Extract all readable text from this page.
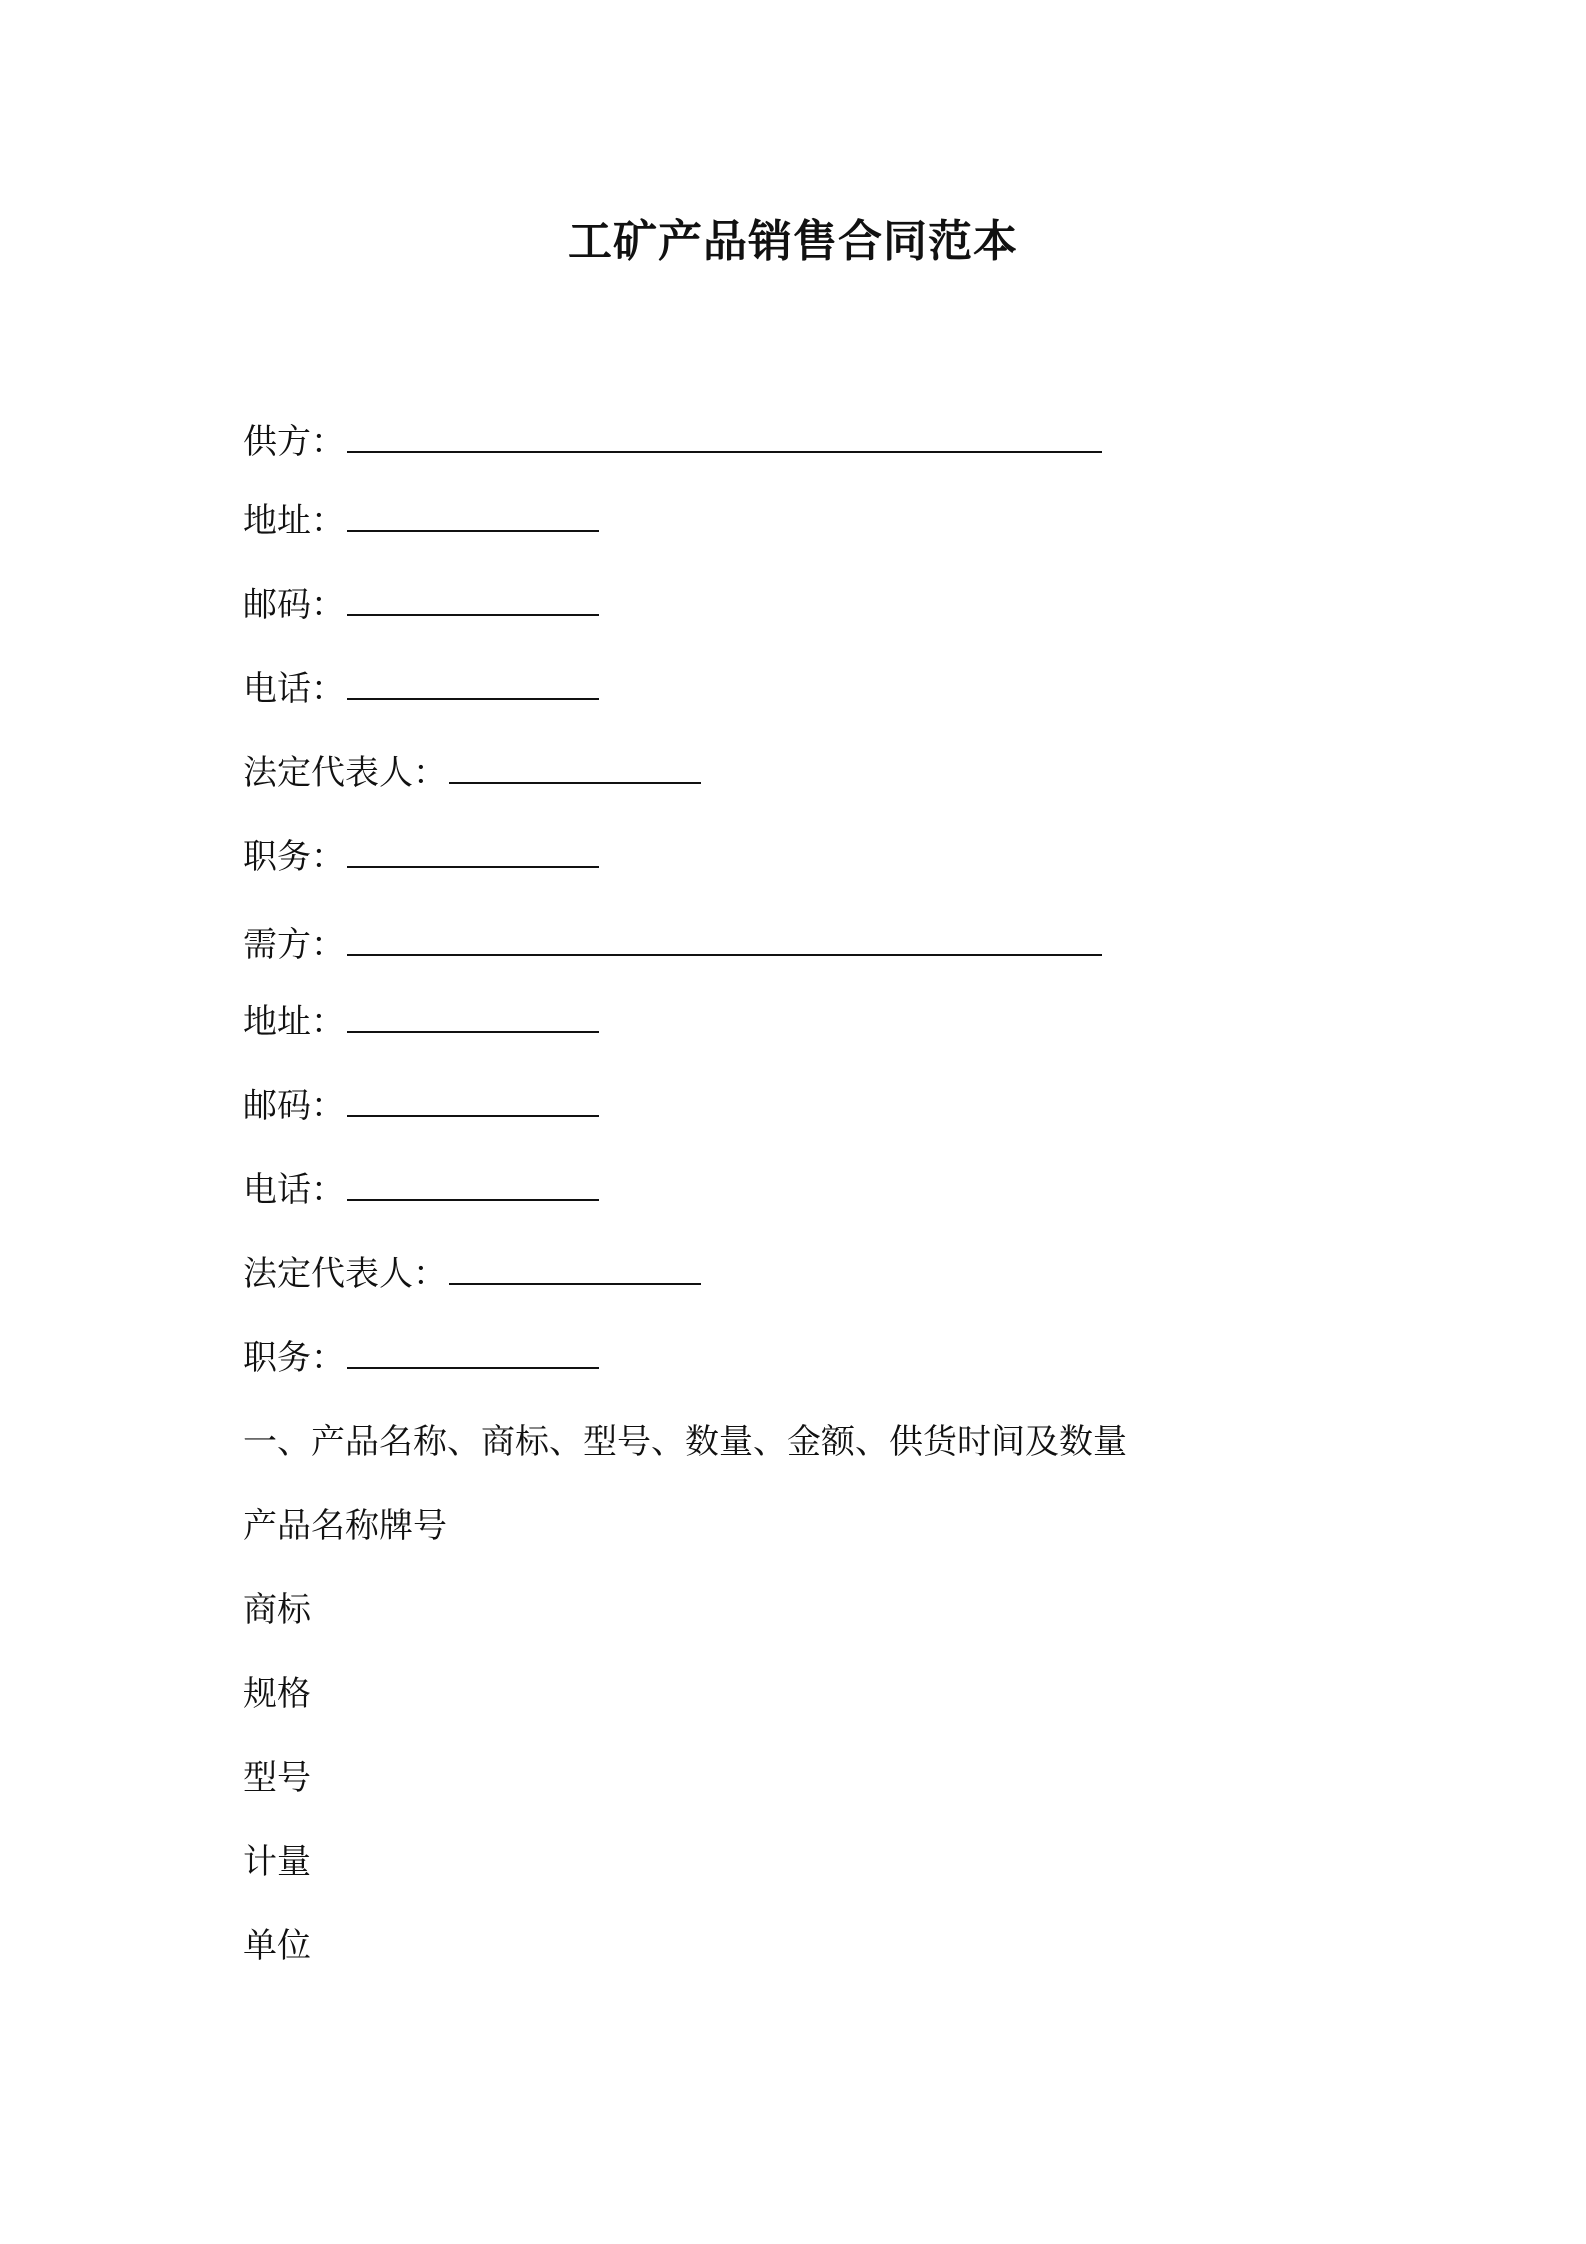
工矿产品销售合同范本
供方：
地址：
邮码：
电话：
法定代表人：
职务：
需方：
地址：
邮码：
电话：
法定代表人：
职务：
一、产品名称、商标、型号、数量、金额、供货时间及数量
产品名称牌号
商标
规格
型号
计量
单位
